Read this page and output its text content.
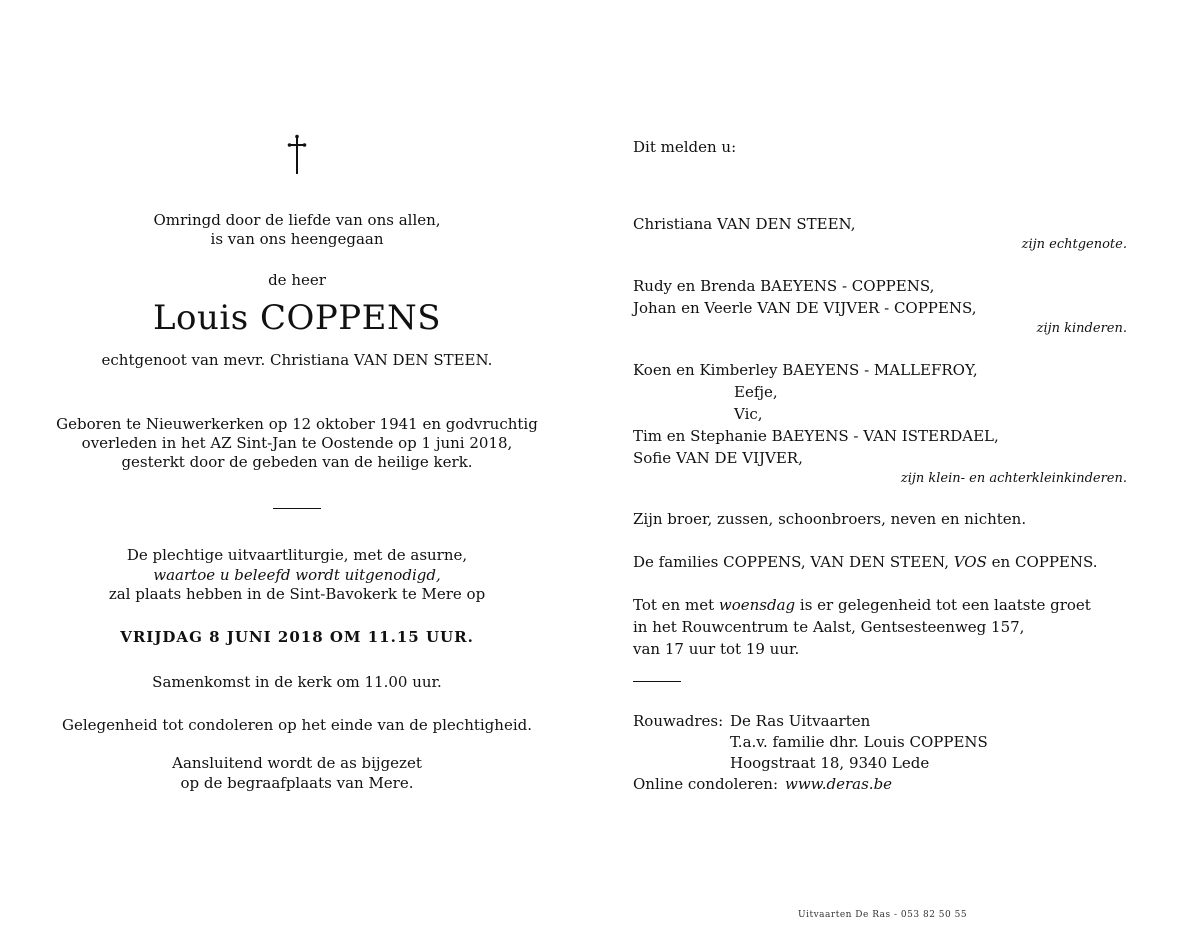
Omringd door de liefde van ons allen,
is van ons heengegaan
de heer
Louis COPPENS
echtgenoot van mevr. Christiana VAN DEN STEEN.
Geboren te Nieuwerkerken op 12 oktober 1941 en godvruchtig
overleden in het AZ Sint-Jan te Oostende op 1 juni 2018,
gesterkt door de gebeden van de heilige kerk.
De plechtige uitvaartliturgie, met de asurne,
waartoe u beleefd wordt uitgenodigd,
zal plaats hebben in de Sint-Bavokerk te Mere op
VRIJDAG 8 JUNI 2018 OM 11.15 UUR.
Samenkomst in de kerk om 11.00 uur.
Gelegenheid tot condoleren op het einde van de plechtigheid.
Aansluitend wordt de as bijgezet
op de begraafplaats van Mere.
Dit melden u:
Christiana VAN DEN STEEN,
zijn echtgenote.
Rudy en Brenda BAEYENS - COPPENS,
Johan en Veerle VAN DE VIJVER - COPPENS,
zijn kinderen.
Koen en Kimberley BAEYENS - MALLEFROY,
Eefje,
Vic,
Tim en Stephanie BAEYENS - VAN ISTERDAEL,
Sofie VAN DE VIJVER,
zijn klein- en achterkleinkinderen.
Zijn broer, zussen, schoonbroers, neven en nichten.
De families COPPENS, VAN DEN STEEN, VOS en COPPENS.
Tot en met woensdag is er gelegenheid tot een laatste groet
in het Rouwcentrum te Aalst, Gentsesteenweg 157,
van 17 uur tot 19 uur.
Rouwadres: De Ras Uitvaarten
T.a.v. familie dhr. Louis COPPENS
Hoogstraat 18, 9340 Lede
Online condoleren: www.deras.be
Uitvaarten De Ras - 053 82 50 55
